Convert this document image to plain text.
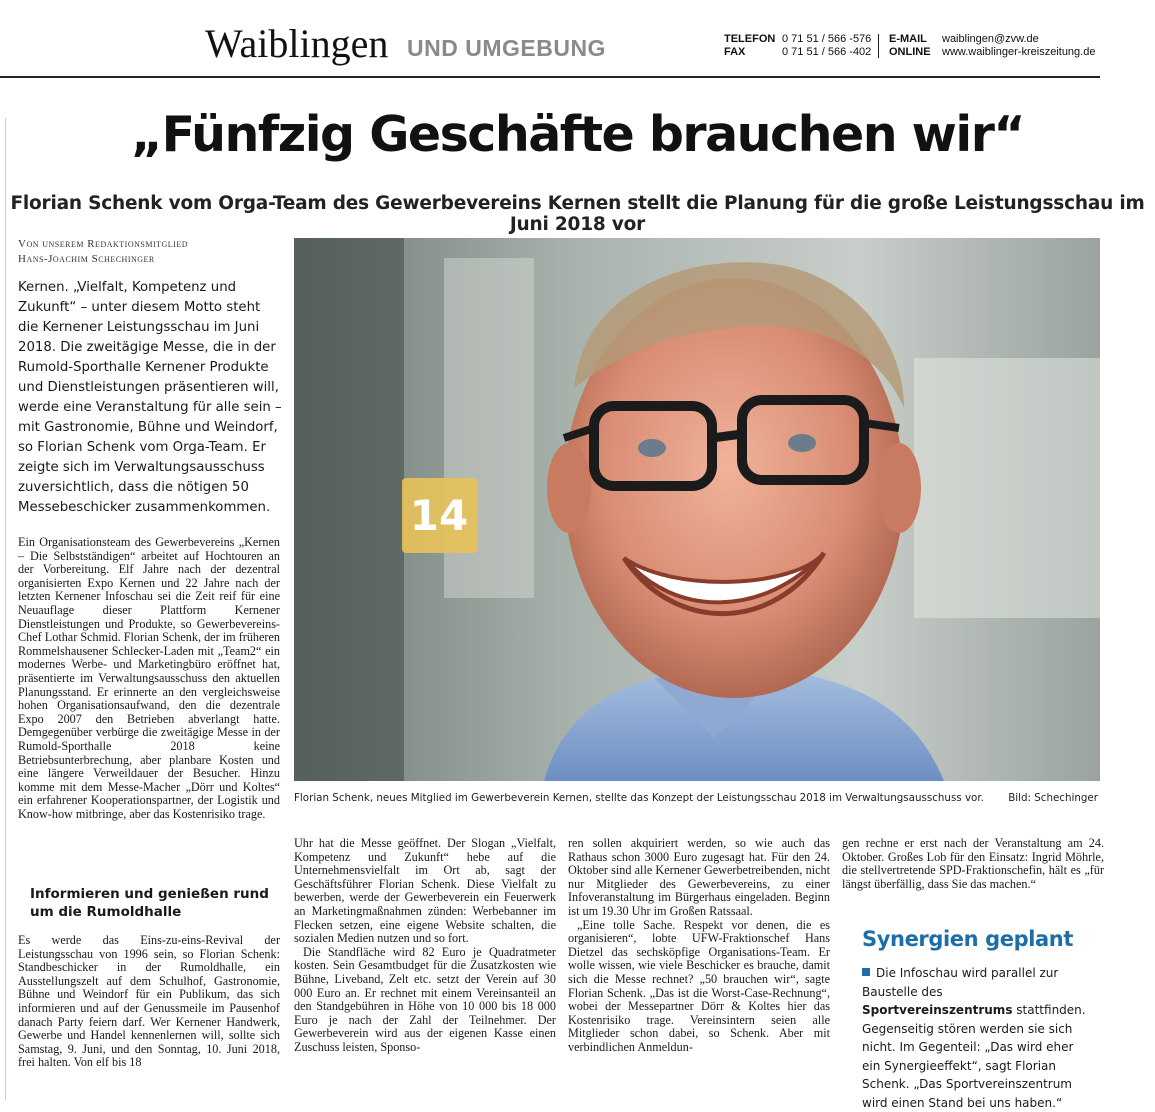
Waiblingen UND UMGEBUNG	TELEFON 0 71 51 / 566 -576
FAX	0 71 51 / 566 -402
E-MAIL waiblingen@zvw.de
ONLINE www.waiblinger-kreiszeitung.de
„Fünfzig Geschäfte brauchen wir“
Florian Schenk vom Orga-Team des Gewerbevereins Kernen stellt die Planung für die große Leistungsschau im Juni 2018 vor
Von unserem Redaktionsmitglied
Hans-Joachim Schechinger

Kernen. „Vielfalt, Kompetenz und Zukunft“ – unter diesem Motto steht die Kernener Leistungsschau im Juni 2018. Die zweitägige Messe, die in der Rumold-Sporthalle Kernener Produkte und Dienstleistungen präsentieren will, werde eine Veranstaltung für alle sein – mit Gastronomie, Bühne und Weindorf, so Florian Schenk vom Orga-Team. Er zeigte sich im Verwaltungsausschuss zuversichtlich, dass die nötigen 50 Messebeschicker zusammenkommen.

Ein Organisationsteam des Gewerbevereins „Kernen – Die Selbstständigen“ arbeitet auf Hochtouren an der Vorbereitung. Elf Jahre nach der dezentral organisierten Expo Kernen und 22 Jahre nach der letzten Kernener Infoschau sei die Zeit reif für eine Neuauflage dieser Plattform Kernener Dienstleistungen und Produkte, so Gewerbevereins-Chef Lothar Schmid. Florian Schenk, der im früheren Rommelshausener Schlecker-Laden mit „Team2“ ein modernes Werbe- und Marketingbüro eröffnet hat, präsentierte im Verwaltungsausschuss den aktuellen Planungsstand. Er erinnerte an den vergleichsweise hohen Organisationsaufwand, den die dezentrale Expo 2007 den Betrieben abverlangt hatte. Demgegenüber verbürge die zweitägige Messe in der Rumold-Sporthalle 2018 keine Betriebsunterbrechung, aber planbare Kosten und eine längere Verweildauer der Besucher. Hinzu komme mit dem Messe-Macher „Dörr und Koltes“ ein erfahrener Kooperationspartner, der Logistik und Know-how mitbringe, aber das Kostenrisiko trage.

Informieren und genießen rund um die Rumoldhalle

Es werde das Eins-zu-eins-Revival der Leistungsschau von 1996 sein, so Florian Schenk: Standbeschicker in der Rumoldhalle, ein Ausstellungszelt auf dem Schulhof, Gastronomie, Bühne und Weindorf für ein Publikum, das sich informieren und auf der Genussmeile im Pausenhof danach Party feiern darf. Wer Kernener Handwerk, Gewerbe und Handel kennenlernen will, sollte sich Samstag, 9. Juni, und den Sonntag, 10. Juni 2018, frei halten. Von elf bis 18

14
Florian Schenk, neues Mitglied im Gewerbeverein Kernen, stellte das Konzept der Leistungsschau 2018 im Verwaltungsausschuss vor. Bild: Schechinger

Uhr hat die Messe geöffnet. Der Slogan „Vielfalt, Kompetenz und Zukunft“ hebe auf die Unternehmensvielfalt im Ort ab, sagt der Geschäftsführer Florian Schenk. Diese Vielfalt zu bewerben, werde der Gewerbeverein ein Feuerwerk an Marketingmaßnahmen zünden: Werbebanner im Flecken setzen, eine eigene Website schalten, die sozialen Medien nutzen und so fort.

Die Standfläche wird 82 Euro je Quadratmeter kosten. Sein Gesamtbudget für die Zusatzkosten wie Bühne, Liveband, Zelt etc. setzt der Verein auf 30 000 Euro an. Er rechnet mit einem Vereinsanteil an den Standgebühren in Höhe von 10 000 bis 18 000 Euro je nach der Zahl der Teilnehmer. Der Gewerbeverein wird aus der eigenen Kasse einen Zuschuss leisten, Sponso-

ren sollen akquiriert werden, so wie auch das Rathaus schon 3000 Euro zugesagt hat. Für den 24. Oktober sind alle Kernener Gewerbetreibenden, nicht nur Mitglieder des Gewerbevereins, zu einer Infoveranstaltung im Bürgerhaus eingeladen. Beginn ist um 19.30 Uhr im Großen Ratssaal.

„Eine tolle Sache. Respekt vor denen, die es organisieren“, lobte UFW-Fraktionschef Hans Dietzel das sechsköpfige Organisations-Team. Er wolle wissen, wie viele Beschicker es brauche, damit sich die Messe rechnet? „50 brauchen wir“, sagte Florian Schenk. „Das ist die Worst-Case-Rechnung“, wobei der Messepartner Dörr & Koltes hier das Kostenrisiko trage. Vereinsintern seien alle Mitglieder schon dabei, so Schenk. Aber mit verbindlichen Anmeldun-

gen rechne er erst nach der Veranstaltung am 24. Oktober. Großes Lob für den Einsatz: Ingrid Möhrle, die stellvertretende SPD-Fraktionschefin, hält es „für längst überfällig, dass Sie das machen.“

Synergien geplant

Die Infoschau wird parallel zur Baustelle des Sportvereinszentrums stattfinden. Gegenseitig stören werden sie sich nicht. Im Gegenteil: „Das wird eher ein Synergieeffekt“, sagt Florian Schenk. „Das Sportvereinszentrum wird einen Stand bei uns haben.“
